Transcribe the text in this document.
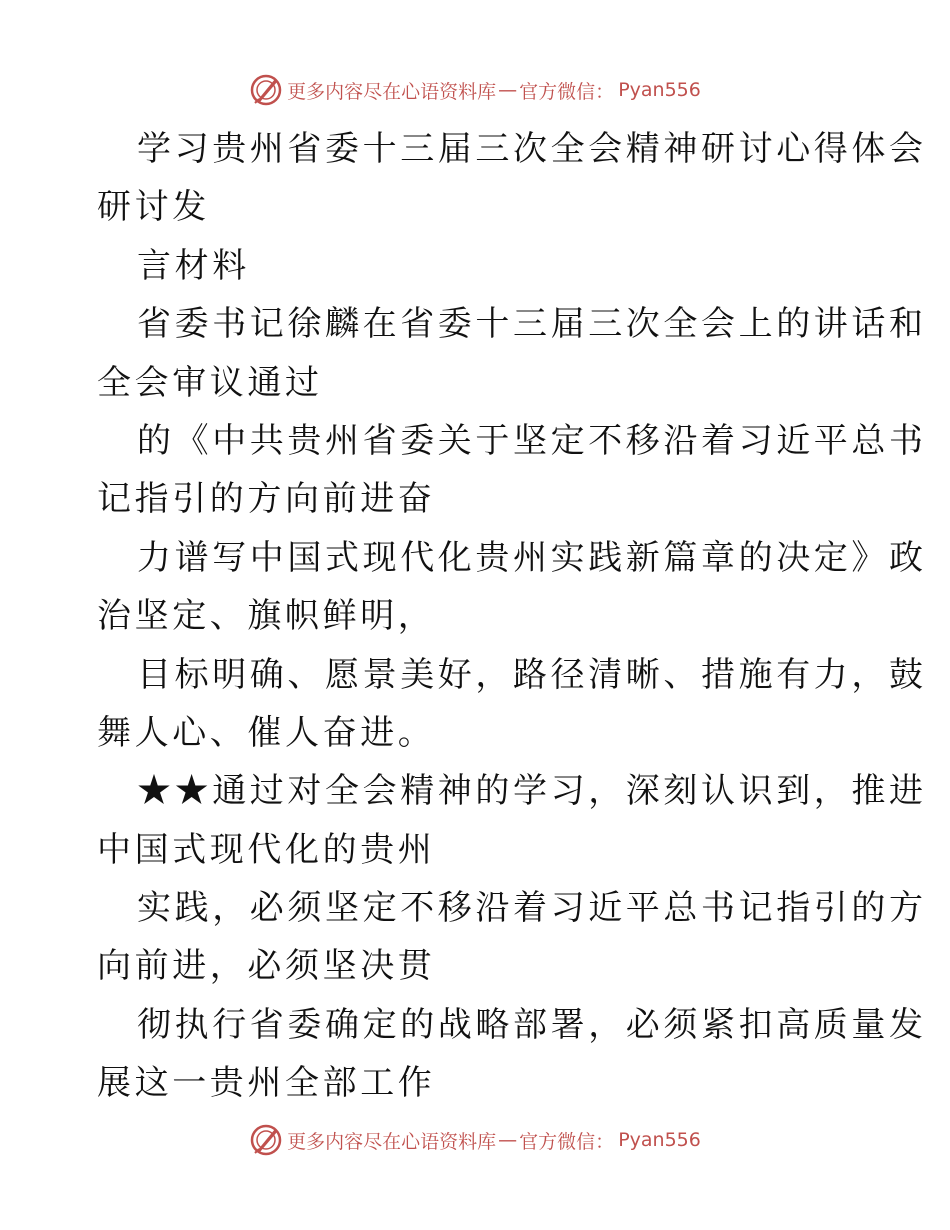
更多内容尽在心语资料库 — 官方微信： Pyan556
学习贵州省委十三届三次全会精神研讨心得体会
研讨发
言材料
省委书记徐麟在省委十三届三次全会上的讲话和
全会审议通过
的《中共贵州省委关于坚定不移沿着习近平总书
记指引的方向前进奋
力谱写中国式现代化贵州实践新篇章的决定》政
治坚定、旗帜鲜明，
目标明确、愿景美好，路径清晰、措施有力，鼓
舞人心、催人奋进。
★★通过对全会精神的学习，深刻认识到，推进
中国式现代化的贵州
实践，必须坚定不移沿着习近平总书记指引的方
向前进，必须坚决贯
彻执行省委确定的战略部署，必须紧扣高质量发
展这一贵州全部工作
更多内容尽在心语资料库 — 官方微信： Pyan556
